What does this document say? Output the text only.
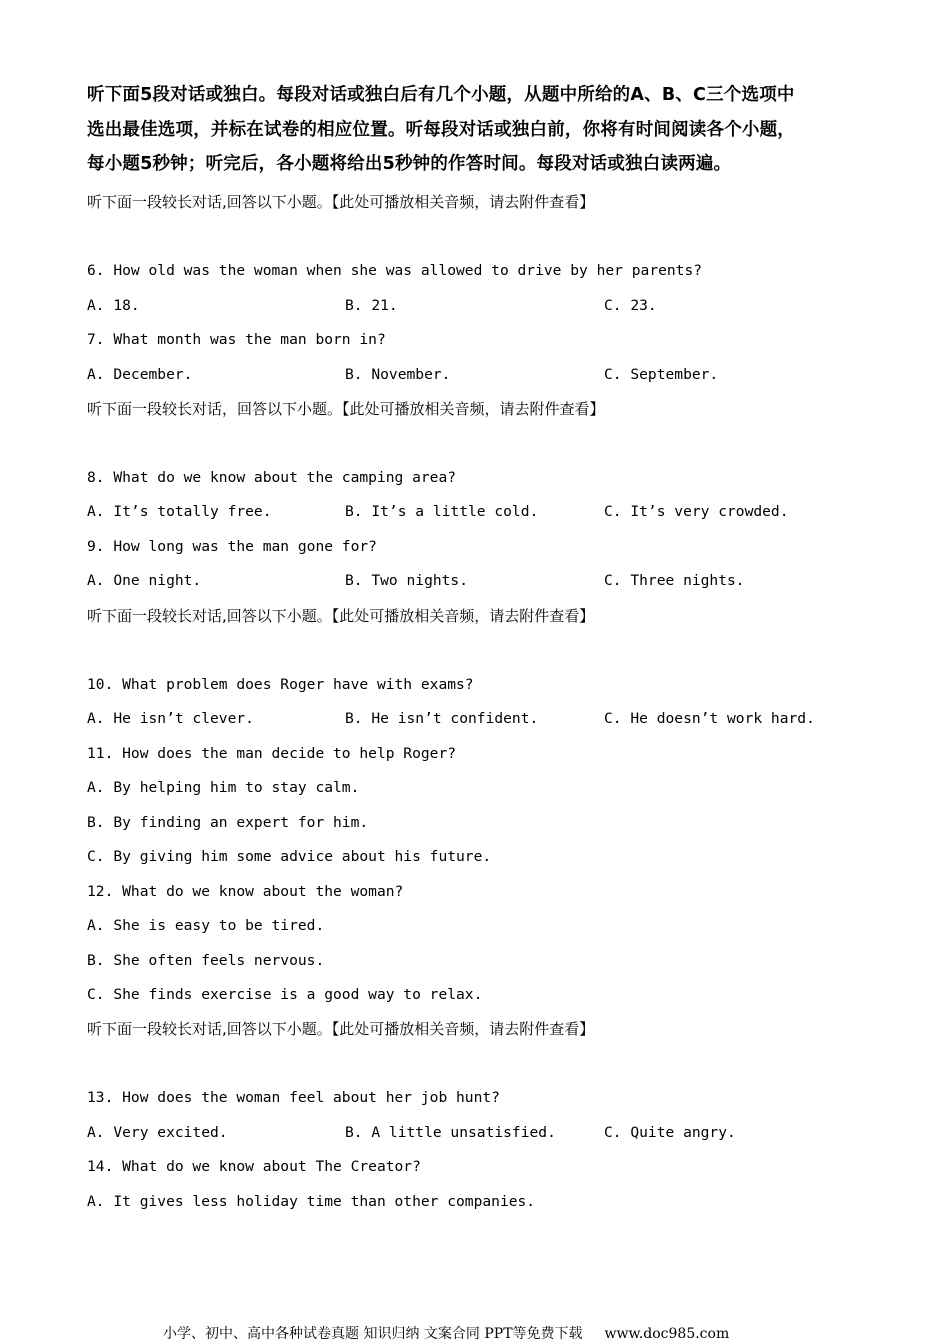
听下面5段对话或独白。每段对话或独白后有几个小题，从题中所给的A、B、C三个选项中
选出最佳选项，并标在试卷的相应位置。听每段对话或独白前，你将有时间阅读各个小题，
每小题5秒钟；听完后，各小题将给出5秒钟的作答时间。每段对话或独白读两遍。
听下面一段较长对话,回答以下小题。【此处可播放相关音频，请去附件查看】
6. How old was the woman when she was allowed to drive by her parents?
A. 18.	B. 21.	C. 23.
7. What month was the man born in?
A. December.	B. November.	C. September.
听下面一段较长对话，回答以下小题。【此处可播放相关音频，请去附件查看】
8. What do we know about the camping area?
A. It’s totally free.	B. It’s a little cold.	C. It’s very crowded.
9. How long was the man gone for?
A. One night.	B. Two nights.	C. Three nights.
听下面一段较长对话,回答以下小题。【此处可播放相关音频，请去附件查看】
10. What problem does Roger have with exams?
A. He isn’t clever.	B. He isn’t confident.	C. He doesn’t work hard.
11. How does the man decide to help Roger?
A. By helping him to stay calm.
B. By finding an expert for him.
C. By giving him some advice about his future.
12. What do we know about the woman?
A. She is easy to be tired.
B. She often feels nervous.
C. She finds exercise is a good way to relax.
听下面一段较长对话,回答以下小题。【此处可播放相关音频，请去附件查看】
13. How does the woman feel about her job hunt?
A. Very excited.	B. A little unsatisfied.	C. Quite angry.
14. What do we know about The Creator?
A. It gives less holiday time than other companies.
小学、初中、高中各种试卷真题 知识归纳 文案合同 PPT等免费下载 www.doc985.com
